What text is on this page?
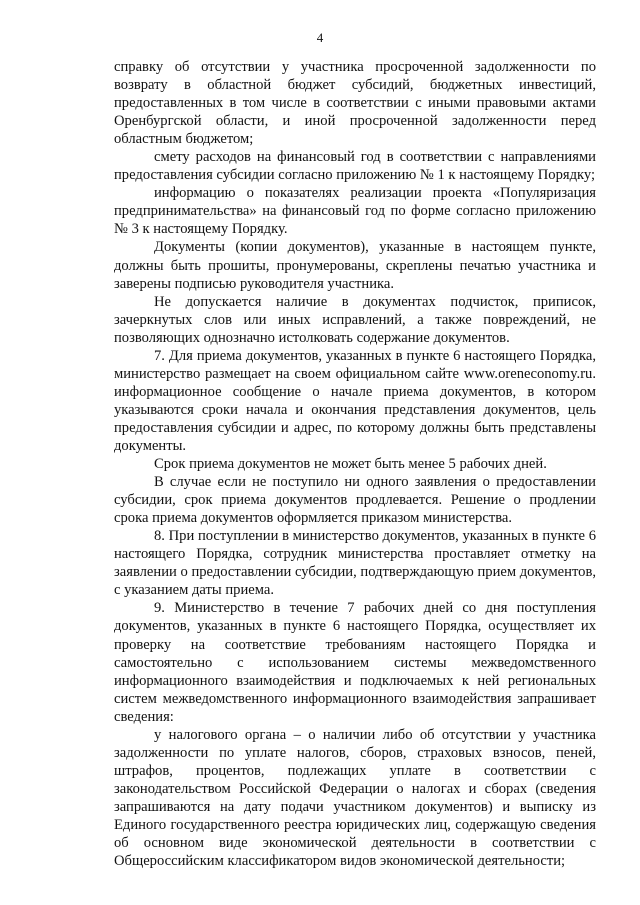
4

справку об отсутствии у участника просроченной задолженности по возврату в областной бюджет субсидий, бюджетных инвестиций, предоставленных в том числе в соответствии с иными правовыми актами Оренбургской области, и иной просроченной задолженности перед областным бюджетом;

смету расходов на финансовый год в соответствии с направлениями предоставления субсидии согласно приложению № 1 к настоящему Порядку;

информацию о показателях реализации проекта «Популяризация предпринимательства» на финансовый год по форме согласно приложению № 3 к настоящему Порядку.

Документы (копии документов), указанные в настоящем пункте, должны быть прошиты, пронумерованы, скреплены печатью участника и заверены подписью руководителя участника.

Не допускается наличие в документах подчисток, приписок, зачеркнутых слов или иных исправлений, а также повреждений, не позволяющих однозначно истолковать содержание документов.

7. Для приема документов, указанных в пункте 6 настоящего Порядка, министерство размещает на своем официальном сайте www.orenеconomy.ru. информационное сообщение о начале приема документов, в котором указываются сроки начала и окончания представления документов, цель предоставления субсидии и адрес, по которому должны быть представлены документы.

Срок приема документов не может быть менее 5 рабочих дней.

В случае если не поступило ни одного заявления о предоставлении субсидии, срок приема документов продлевается. Решение о продлении срока приема документов оформляется приказом министерства.

8. При поступлении в министерство документов, указанных в пункте 6 настоящего Порядка, сотрудник министерства проставляет отметку на заявлении о предоставлении субсидии, подтверждающую прием документов, с указанием даты приема.

9. Министерство в течение 7 рабочих дней со дня поступления документов, указанных в пункте 6 настоящего Порядка, осуществляет их проверку на соответствие требованиям настоящего Порядка и самостоятельно с использованием системы межведомственного информационного взаимодействия и подключаемых к ней региональных систем межведомственного информационного взаимодействия запрашивает сведения:

у налогового органа – о наличии либо об отсутствии у участника задолженности по уплате налогов, сборов, страховых взносов, пеней, штрафов, процентов, подлежащих уплате в соответствии с законодательством Российской Федерации о налогах и сборах (сведения запрашиваются на дату подачи участником документов) и выписку из Единого государственного реестра юридических лиц, содержащую сведения об основном виде экономической деятельности в соответствии с Общероссийским классификатором видов экономической деятельности;
